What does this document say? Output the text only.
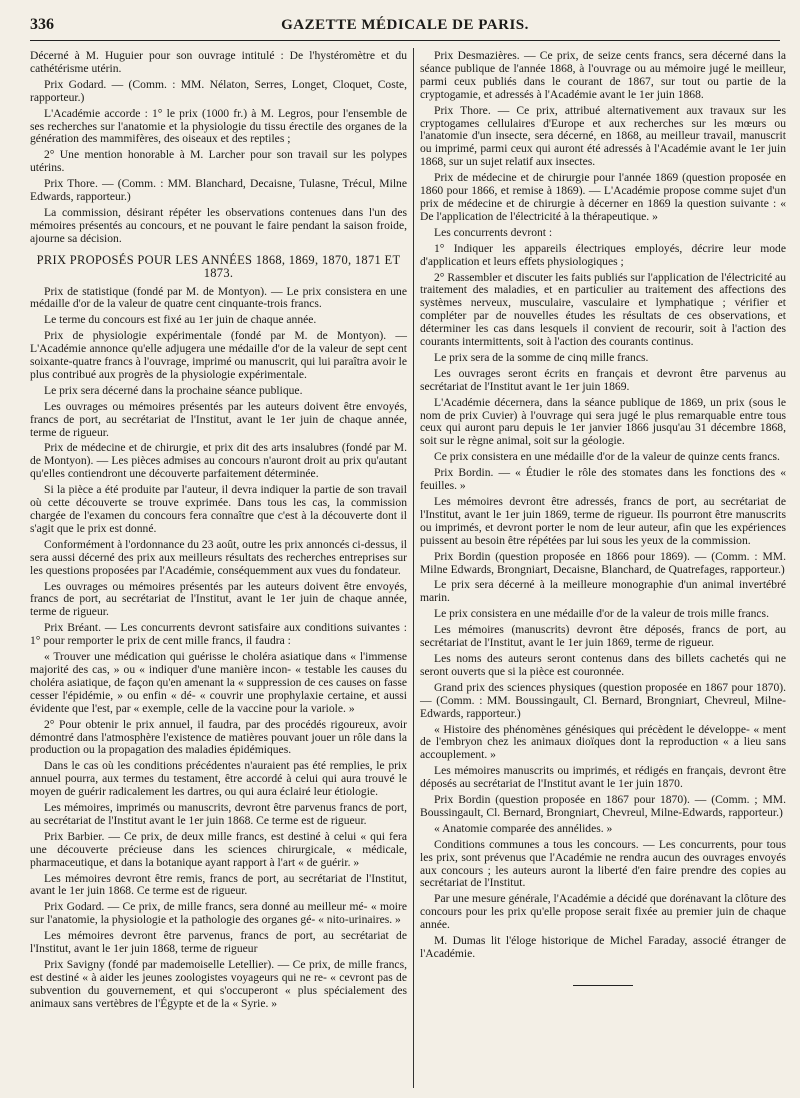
336	GAZETTE MÉDICALE DE PARIS.

Décerné à M. Huguier pour son ouvrage intitulé : De l'hystéromètre et du cathétérisme utérin.

Prix Godard. — (Comm. : MM. Nélaton, Serres, Longet, Cloquet, Coste, rapporteur.)

L'Académie accorde : 1° le prix (1000 fr.) à M. Legros, pour l'ensemble de ses recherches sur l'anatomie et la physiologie du tissu érectile des organes de la génération des mammifères, des oiseaux et des reptiles ;

2° Une mention honorable à M. Larcher pour son travail sur les polypes utérins.

Prix Thore. — (Comm. : MM. Blanchard, Decaisne, Tulasne, Trécul, Milne Edwards, rapporteur.)

La commission, désirant répéter les observations contenues dans l'un des mémoires présentés au concours, et ne pouvant le faire pendant la saison froide, ajourne sa décision.

PRIX PROPOSÉS POUR LES ANNÉES 1868, 1869, 1870, 1871 ET 1873.

Prix de statistique (fondé par M. de Montyon). — Le prix consistera en une médaille d'or de la valeur de quatre cent cinquante-trois francs.

Le terme du concours est fixé au 1er juin de chaque année.

Prix de physiologie expérimentale (fondé par M. de Montyon). — L'Académie annonce qu'elle adjugera une médaille d'or de la valeur de sept cent soixante-quatre francs à l'ouvrage, imprimé ou manuscrit, qui lui paraîtra avoir le plus contribué aux progrès de la physiologie expérimentale.

Le prix sera décerné dans la prochaine séance publique.

Les ouvrages ou mémoires présentés par les auteurs doivent être envoyés, francs de port, au secrétariat de l'Institut, avant le 1er juin de chaque année, terme de rigueur.

Prix de médecine et de chirurgie, et prix dit des arts insalubres (fondé par M. de Montyon). — Les pièces admises au concours n'auront droit au prix qu'autant qu'elles contiendront une découverte parfaitement déterminée.

Si la pièce a été produite par l'auteur, il devra indiquer la partie de son travail où cette découverte se trouve exprimée. Dans tous les cas, la commission chargée de l'examen du concours fera connaître que c'est à la découverte dont il s'agit que le prix est donné.

Conformément à l'ordonnance du 23 août, outre les prix annoncés ci-dessus, il sera aussi décerné des prix aux meilleurs résultats des recherches entreprises sur les questions proposées par l'Académie, conséquemment aux vues du fondateur.

Les ouvrages ou mémoires présentés par les auteurs doivent être envoyés, francs de port, au secrétariat de l'Institut, avant le 1er juin de chaque année, terme de rigueur.

Prix Bréant. — Les concurrents devront satisfaire aux conditions suivantes : 1° pour remporter le prix de cent mille francs, il faudra :

« Trouver une médication qui guérisse le choléra asiatique dans « l'immense majorité des cas, » ou « indiquer d'une manière incon- « testable les causes du choléra asiatique, de façon qu'en amenant la « suppression de ces causes on fasse cesser l'épidémie, » ou enfin « dé- « couvrir une prophylaxie certaine, et aussi évidente que l'est, par « exemple, celle de la vaccine pour la variole. »

2° Pour obtenir le prix annuel, il faudra, par des procédés rigoureux, avoir démontré dans l'atmosphère l'existence de matières pouvant jouer un rôle dans la production ou la propagation des maladies épidémiques.

Dans le cas où les conditions précédentes n'auraient pas été remplies, le prix annuel pourra, aux termes du testament, être accordé à celui qui aura trouvé le moyen de guérir radicalement les dartres, ou qui aura éclairé leur étiologie.

Les mémoires, imprimés ou manuscrits, devront être parvenus francs de port, au secrétariat de l'Institut avant le 1er juin 1868. Ce terme est de rigueur.

Prix Barbier. — Ce prix, de deux mille francs, est destiné à celui « qui fera une découverte précieuse dans les sciences chirurgicale, « médicale, pharmaceutique, et dans la botanique ayant rapport à l'art « de guérir. »

Les mémoires devront être remis, francs de port, au secrétariat de l'Institut, avant le 1er juin 1868. Ce terme est de rigueur.

Prix Godard. — Ce prix, de mille francs, sera donné au meilleur mé- « moire sur l'anatomie, la physiologie et la pathologie des organes gé- « nito-urinaires. »

Les mémoires devront être parvenus, francs de port, au secrétariat de l'Institut, avant le 1er juin 1868, terme de rigueur

Prix Savigny (fondé par mademoiselle Letellier). — Ce prix, de mille francs, est destiné « à aider les jeunes zoologistes voyageurs qui ne re- « cevront pas de subvention du gouvernement, et qui s'occuperont « plus spécialement des animaux sans vertèbres de l'Égypte et de la « Syrie. »

Prix Desmazières. — Ce prix, de seize cents francs, sera décerné dans la séance publique de l'année 1868, à l'ouvrage ou au mémoire jugé le meilleur, parmi ceux publiés dans le courant de 1867, sur tout ou partie de la cryptogamie, et adressés à l'Académie avant le 1er juin 1868.

Prix Thore. — Ce prix, attribué alternativement aux travaux sur les cryptogames cellulaires d'Europe et aux recherches sur les mœurs ou l'anatomie d'un insecte, sera décerné, en 1868, au meilleur travail, manuscrit ou imprimé, parmi ceux qui auront été adressés à l'Académie avant le 1er juin 1868, sur un sujet relatif aux insectes.

Prix de médecine et de chirurgie pour l'année 1869 (question proposée en 1860 pour 1866, et remise à 1869). — L'Académie propose comme sujet d'un prix de médecine et de chirurgie à décerner en 1869 la question suivante : « De l'application de l'électricité à la thérapeutique. »

Les concurrents devront :

1° Indiquer les appareils électriques employés, décrire leur mode d'application et leurs effets physiologiques ;

2° Rassembler et discuter les faits publiés sur l'application de l'électricité au traitement des maladies, et en particulier au traitement des affections des systèmes nerveux, musculaire, vasculaire et lymphatique ; vérifier et compléter par de nouvelles études les résultats de ces observations, et déterminer les cas dans lesquels il convient de recourir, soit à l'action des courants intermittents, soit à l'action des courants continus.

Le prix sera de la somme de cinq mille francs.

Les ouvrages seront écrits en français et devront être parvenus au secrétariat de l'Institut avant le 1er juin 1869.

L'Académie décernera, dans la séance publique de 1869, un prix (sous le nom de prix Cuvier) à l'ouvrage qui sera jugé le plus remarquable entre tous ceux qui auront paru depuis le 1er janvier 1866 jusqu'au 31 décembre 1868, soit sur le règne animal, soit sur la géologie.

Ce prix consistera en une médaille d'or de la valeur de quinze cents francs.

Prix Bordin. — « Étudier le rôle des stomates dans les fonctions des « feuilles. »

Les mémoires devront être adressés, francs de port, au secrétariat de l'Institut, avant le 1er juin 1869, terme de rigueur. Ils pourront être manuscrits ou imprimés, et devront porter le nom de leur auteur, afin que les expériences puissent au besoin être répétées par lui sous les yeux de la commission.

Prix Bordin (question proposée en 1866 pour 1869). — (Comm. : MM. Milne Edwards, Brongniart, Decaisne, Blanchard, de Quatrefages, rapporteur.)

Le prix sera décerné à la meilleure monographie d'un animal invertébré marin.

Le prix consistera en une médaille d'or de la valeur de trois mille francs.

Les mémoires (manuscrits) devront être déposés, francs de port, au secrétariat de l'Institut, avant le 1er juin 1869, terme de rigueur.

Les noms des auteurs seront contenus dans des billets cachetés qui ne seront ouverts que si la pièce est couronnée.

Grand prix des sciences physiques (question proposée en 1867 pour 1870). — (Comm. : MM. Boussingault, Cl. Bernard, Brongniart, Chevreul, Milne-Edwards, rapporteur.)

« Histoire des phénomènes génésiques qui précèdent le développe- « ment de l'embryon chez les animaux dioïques dont la reproduction « a lieu sans accouplement. »

Les mémoires manuscrits ou imprimés, et rédigés en français, devront être déposés au secrétariat de l'Institut avant le 1er juin 1870.

Prix Bordin (question proposée en 1867 pour 1870). — (Comm. ; MM. Boussingault, Cl. Bernard, Brongniart, Chevreul, Milne-Edwards, rapporteur.)

« Anatomie comparée des annélides. »

Conditions communes a tous les concours. — Les concurrents, pour tous les prix, sont prévenus que l'Académie ne rendra aucun des ouvrages envoyés aux concours ; les auteurs auront la liberté d'en faire prendre des copies au secrétariat de l'Institut.

Par une mesure générale, l'Académie a décidé que dorénavant la clôture des concours pour les prix qu'elle propose serait fixée au premier juin de chaque année.

M. Dumas lit l'éloge historique de Michel Faraday, associé étranger de l'Académie.
